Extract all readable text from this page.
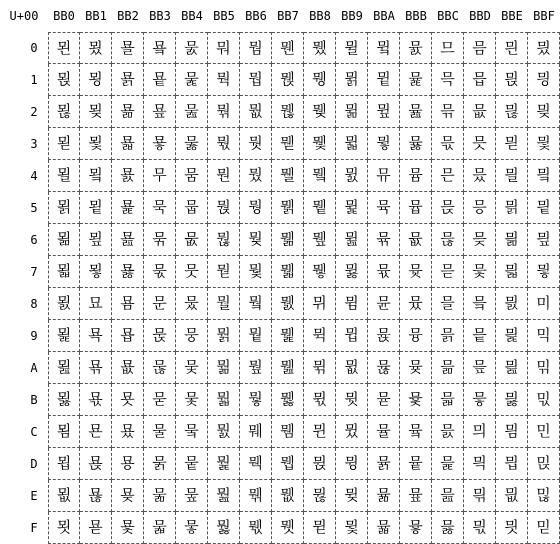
U+00	BB0 BB1 BB2 BB3 BB4 BB5 BB6 BB7 BB8 BB9 BBA BBB BBC BBD BBE BBF
0
1
2
3
4
5
6
7
8
9
A
B
C
D
E
F
묀
묁
묂
묃
묄
묅
묆
묇
묈
묉
묊
묋
묌
묍
묎
묏
묐
묑
묒
묓
묔
묕
묖
묗
묘
묙
묚
묛
묜
묝
묞
묟
묠
묡
묢
묣
묤
묥
묦
묧
묨
묩
묪
묫
묬
묭
묮
묯
묰
묱
묲
묳
무
묵
묶
묷
문
묹
묺
묻
물
묽
묾
묿
뭀
뭁
뭂
뭃
뭄
뭅
뭆
뭇
뭈
뭉
뭊
뭋
뭌
뭍
뭎
뭏
뭐
뭑
뭒
뭓
뭔
뭕
뭖
뭗
뭘
뭙
뭚
뭛
뭜
뭝
뭞
뭟
뭠
뭡
뭢
뭣
뭤
뭥
뭦
뭧
뭨
뭩
뭪
뭫
뭬
뭭
뭮
뭯
뭰
뭱
뭲
뭳
뭴
뭵
뭶
뭷
뭸
뭹
뭺
뭻
뭼
뭽
뭾
뭿
뮀
뮁
뮂
뮃
뮄
뮅
뮆
뮇
뮈
뮉
뮊
뮋
뮌
뮍
뮎
뮏
뮐
뮑
뮒
뮓
뮔
뮕
뮖
뮗
뮘
뮙
뮚
뮛
뮜
뮝
뮞
뮟
뮠
뮡
뮢
뮣
뮤
뮥
뮦
뮧
뮨
뮩
뮪
뮫
뮬
뮭
뮮
뮯
뮰
뮱
뮲
뮳
뮴
뮵
뮶
뮷
뮸
뮹
뮺
뮻
뮼
뮽
뮾
뮿
므
믁
믂
믃
믄
믅
믆
믇
믈
믉
믊
믋
믌
믍
믎
믏
믐
믑
믒
믓
믔
믕
믖
믗
믘
믙
믚
믛
믜
믝
믞
믟
믠
믡
믢
믣
믤
믥
믦
믧
믨
믩
믪
믫
믬
믭
믮
믯
믰
믱
믲
믳
믴
믵
믶
믷
미
믹
믺
믻
민
믽
믾
믿
